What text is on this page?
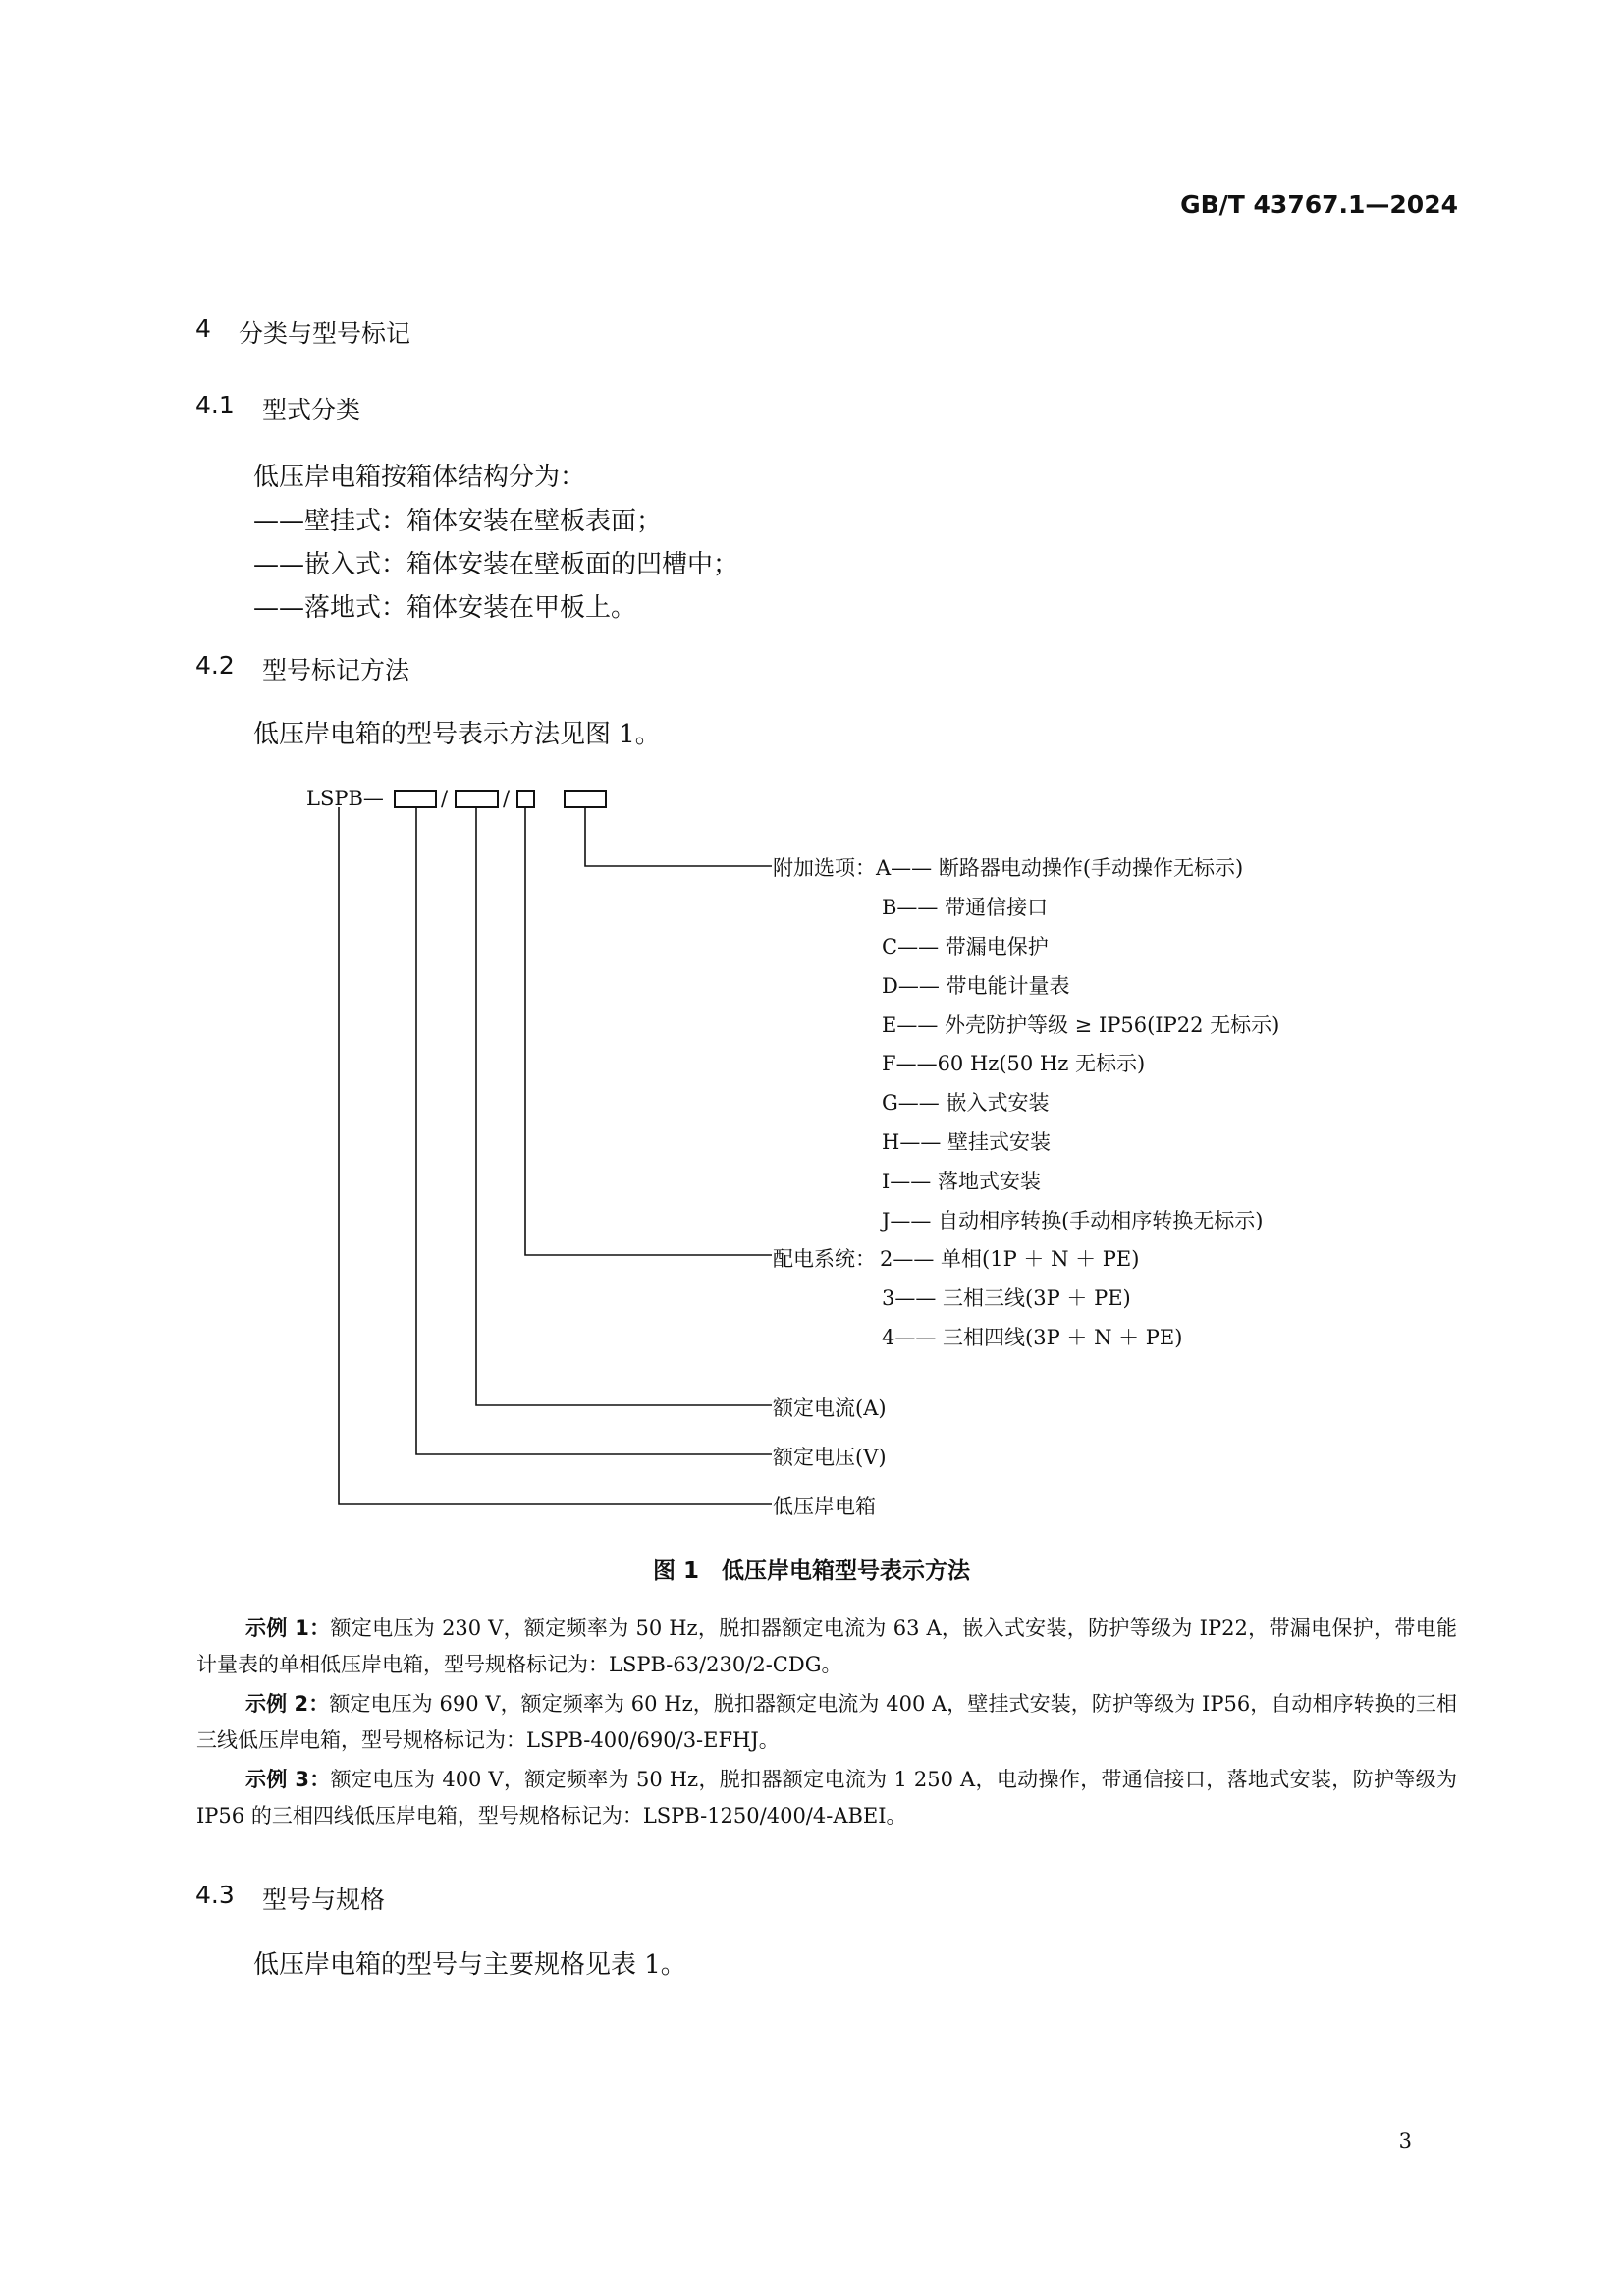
GB/T 43767.1—2024
4 分类与型号标记
4.1 型式分类
低压岸电箱按箱体结构分为：
——壁挂式：箱体安装在壁板表面；
——嵌入式：箱体安装在壁板面的凹槽中；
——落地式：箱体安装在甲板上。
4.2 型号标记方法
低压岸电箱的型号表示方法见图 1。
LSPB—	/	/
附加选项： A—— 断路器电动操作(手动操作无标示)
B—— 带通信接口
C—— 带漏电保护
D—— 带电能计量表
E—— 外壳防护等级 ≥ IP56(IP22 无标示)
F——60 Hz(50 Hz 无标示)
G—— 嵌入式安装
H—— 壁挂式安装
I—— 落地式安装
J—— 自动相序转换(手动相序转换无标示)
配电系统： 2—— 单相(1P ＋ N ＋ PE)
3—— 三相三线(3P ＋ PE)
4—— 三相四线(3P ＋ N ＋ PE)
额定电流(A)
额定电压(V)
低压岸电箱
图 1　低压岸电箱型号表示方法
示例 1：额定电压为 230 V，额定频率为 50 Hz，脱扣器额定电流为 63 A，嵌入式安装，防护等级为 IP22，带漏电保护，带电能计量表的单相低压岸电箱，型号规格标记为：LSPB-63/230/2-CDG。
示例 2：额定电压为 690 V，额定频率为 60 Hz，脱扣器额定电流为 400 A，壁挂式安装，防护等级为 IP56，自动相序转换的三相三线低压岸电箱，型号规格标记为：LSPB-400/690/3-EFHJ。
示例 3：额定电压为 400 V，额定频率为 50 Hz，脱扣器额定电流为 1 250 A，电动操作，带通信接口，落地式安装，防护等级为 IP56 的三相四线低压岸电箱，型号规格标记为：LSPB-1250/400/4-ABEI。
4.3 型号与规格
低压岸电箱的型号与主要规格见表 1。
3
